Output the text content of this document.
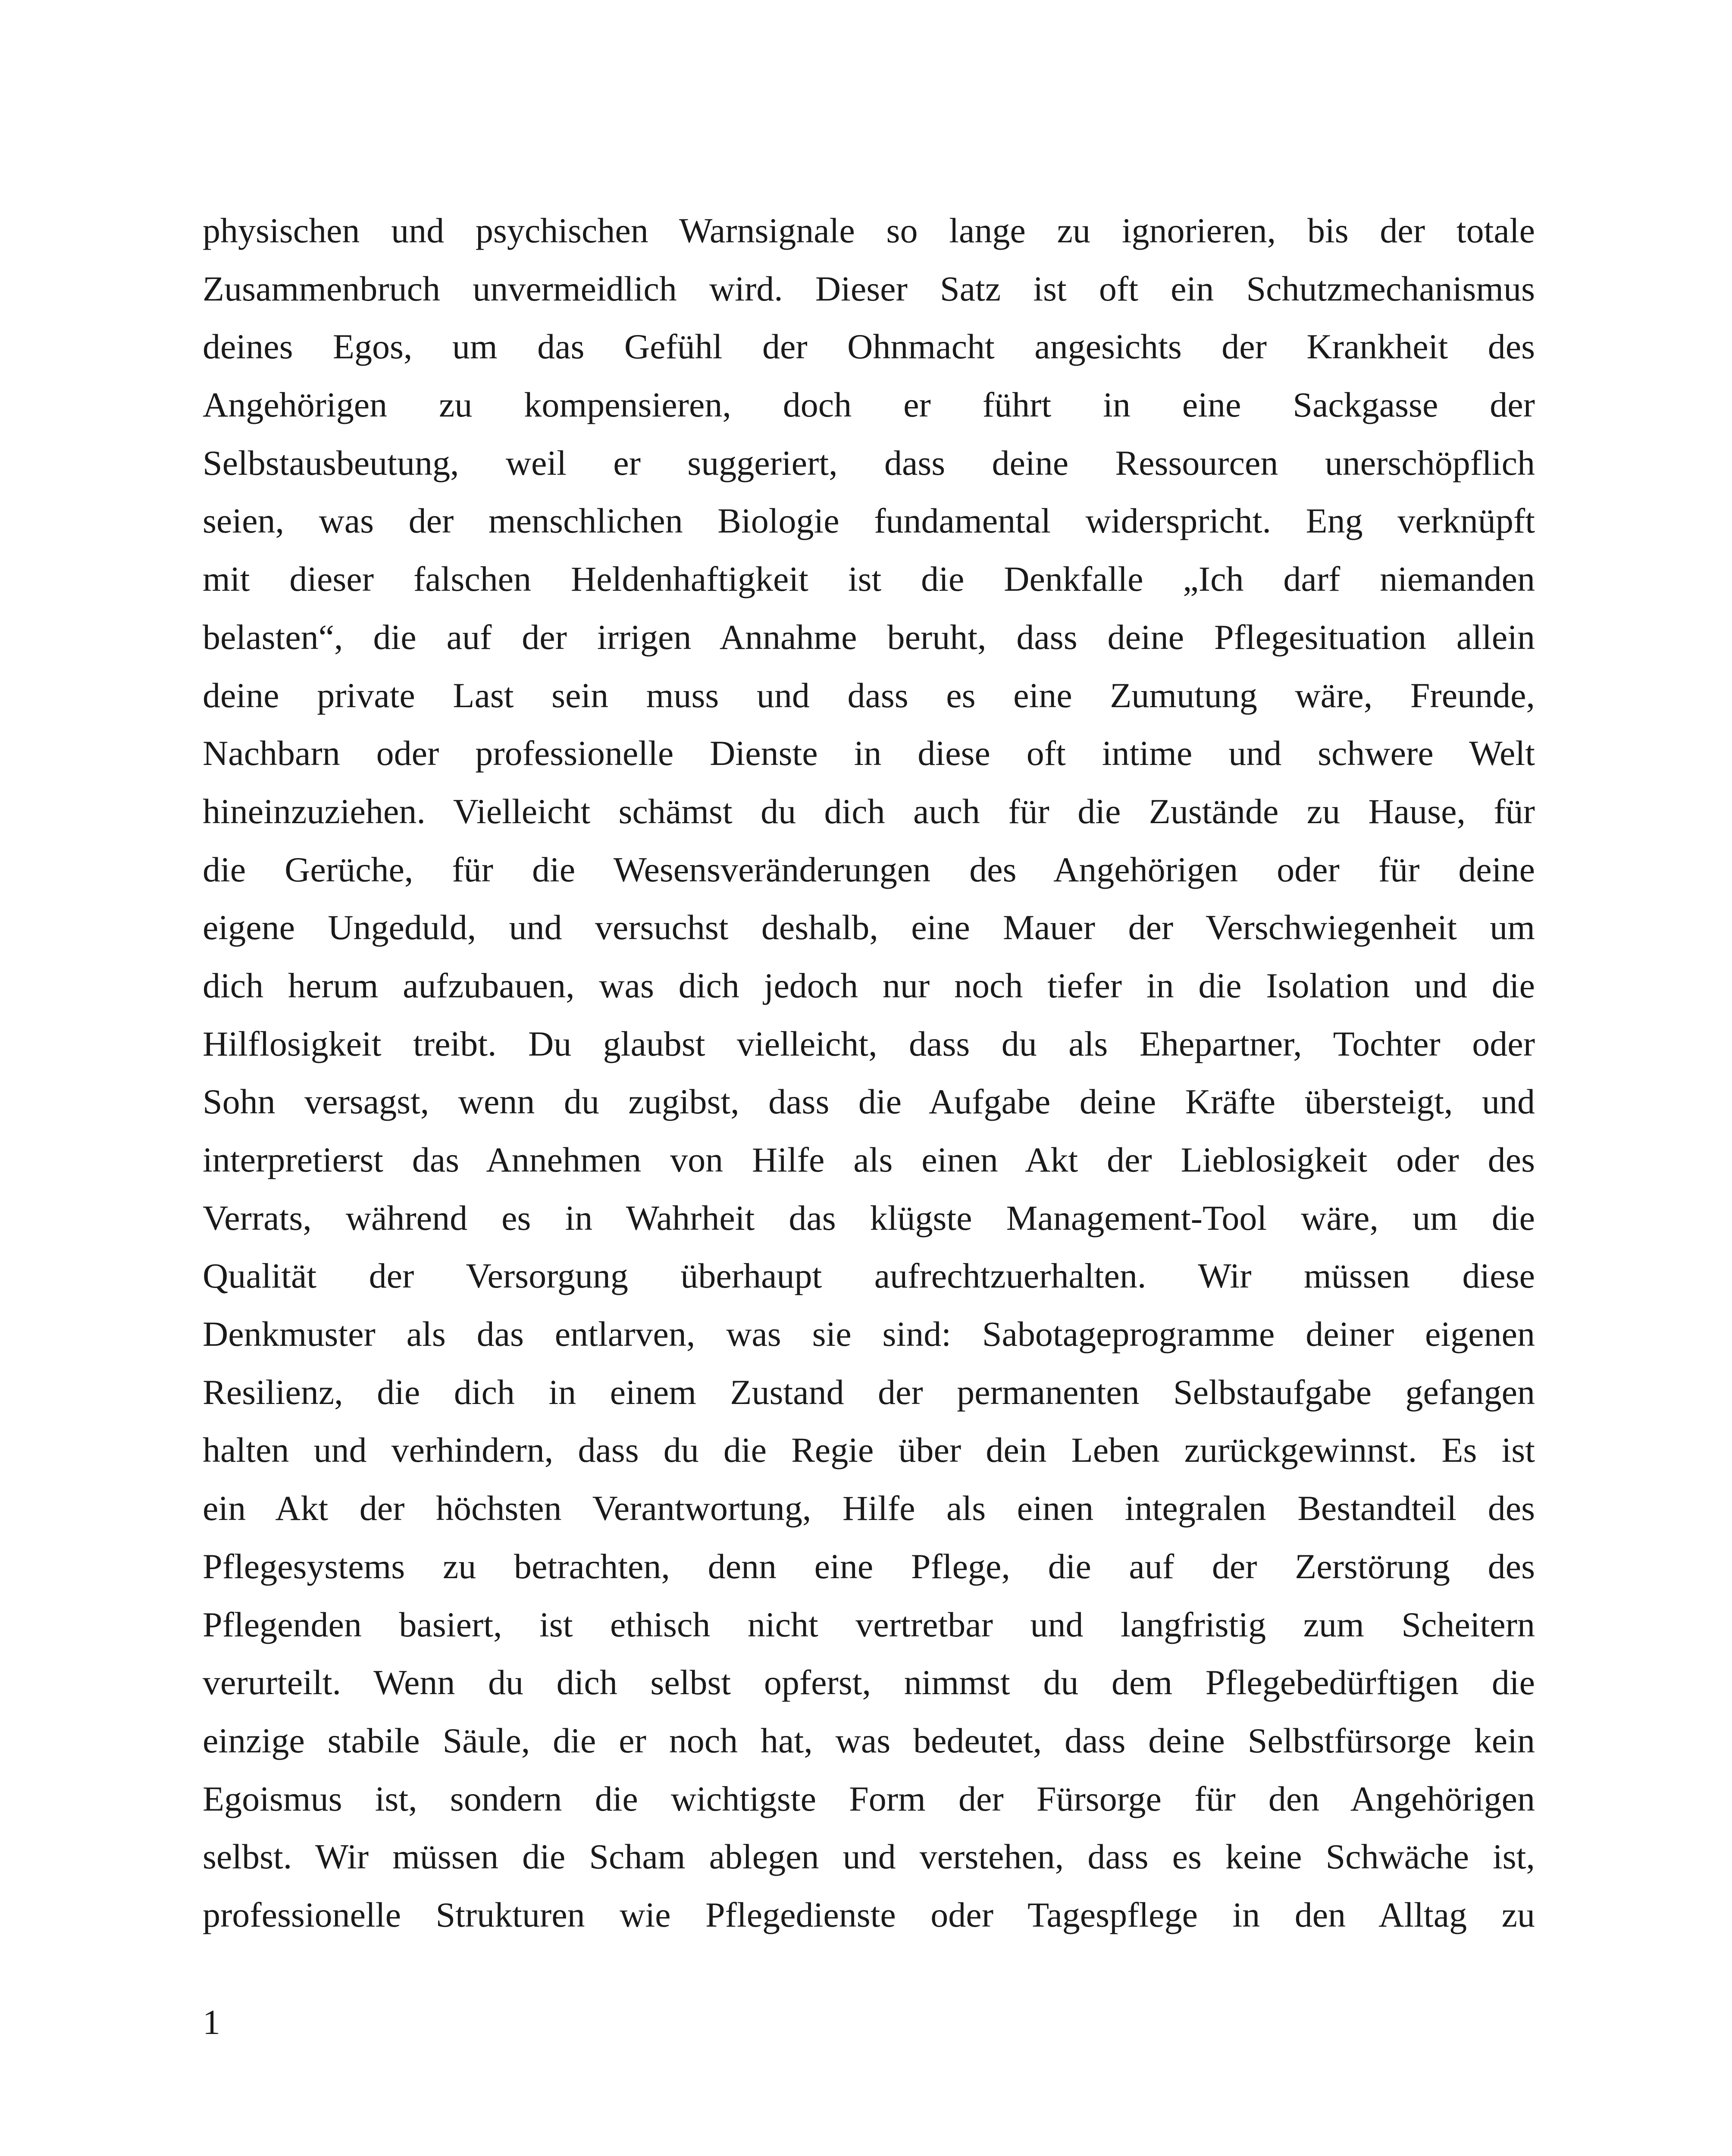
physischen und psychischen Warnsignale so lange zu ignorieren, bis der totale
Zusammenbruch unvermeidlich wird. Dieser Satz ist oft ein Schutzmechanismus
deines Egos, um das Gefühl der Ohnmacht angesichts der Krankheit des
Angehörigen zu kompensieren, doch er führt in eine Sackgasse der
Selbstausbeutung, weil er suggeriert, dass deine Ressourcen unerschöpflich
seien, was der menschlichen Biologie fundamental widerspricht. Eng verknüpft
mit dieser falschen Heldenhaftigkeit ist die Denkfalle „Ich darf niemanden
belasten“, die auf der irrigen Annahme beruht, dass deine Pflegesituation allein
deine private Last sein muss und dass es eine Zumutung wäre, Freunde,
Nachbarn oder professionelle Dienste in diese oft intime und schwere Welt
hineinzuziehen. Vielleicht schämst du dich auch für die Zustände zu Hause, für
die Gerüche, für die Wesensveränderungen des Angehörigen oder für deine
eigene Ungeduld, und versuchst deshalb, eine Mauer der Verschwiegenheit um
dich herum aufzubauen, was dich jedoch nur noch tiefer in die Isolation und die
Hilflosigkeit treibt. Du glaubst vielleicht, dass du als Ehepartner, Tochter oder
Sohn versagst, wenn du zugibst, dass die Aufgabe deine Kräfte übersteigt, und
interpretierst das Annehmen von Hilfe als einen Akt der Lieblosigkeit oder des
Verrats, während es in Wahrheit das klügste Management-Tool wäre, um die
Qualität der Versorgung überhaupt aufrechtzuerhalten. Wir müssen diese
Denkmuster als das entlarven, was sie sind: Sabotageprogramme deiner eigenen
Resilienz, die dich in einem Zustand der permanenten Selbstaufgabe gefangen
halten und verhindern, dass du die Regie über dein Leben zurückgewinnst. Es ist
ein Akt der höchsten Verantwortung, Hilfe als einen integralen Bestandteil des
Pflegesystems zu betrachten, denn eine Pflege, die auf der Zerstörung des
Pflegenden basiert, ist ethisch nicht vertretbar und langfristig zum Scheitern
verurteilt. Wenn du dich selbst opferst, nimmst du dem Pflegebedürftigen die
einzige stabile Säule, die er noch hat, was bedeutet, dass deine Selbstfürsorge kein
Egoismus ist, sondern die wichtigste Form der Fürsorge für den Angehörigen
selbst. Wir müssen die Scham ablegen und verstehen, dass es keine Schwäche ist,
professionelle Strukturen wie Pflegedienste oder Tagespflege in den Alltag zu

1
